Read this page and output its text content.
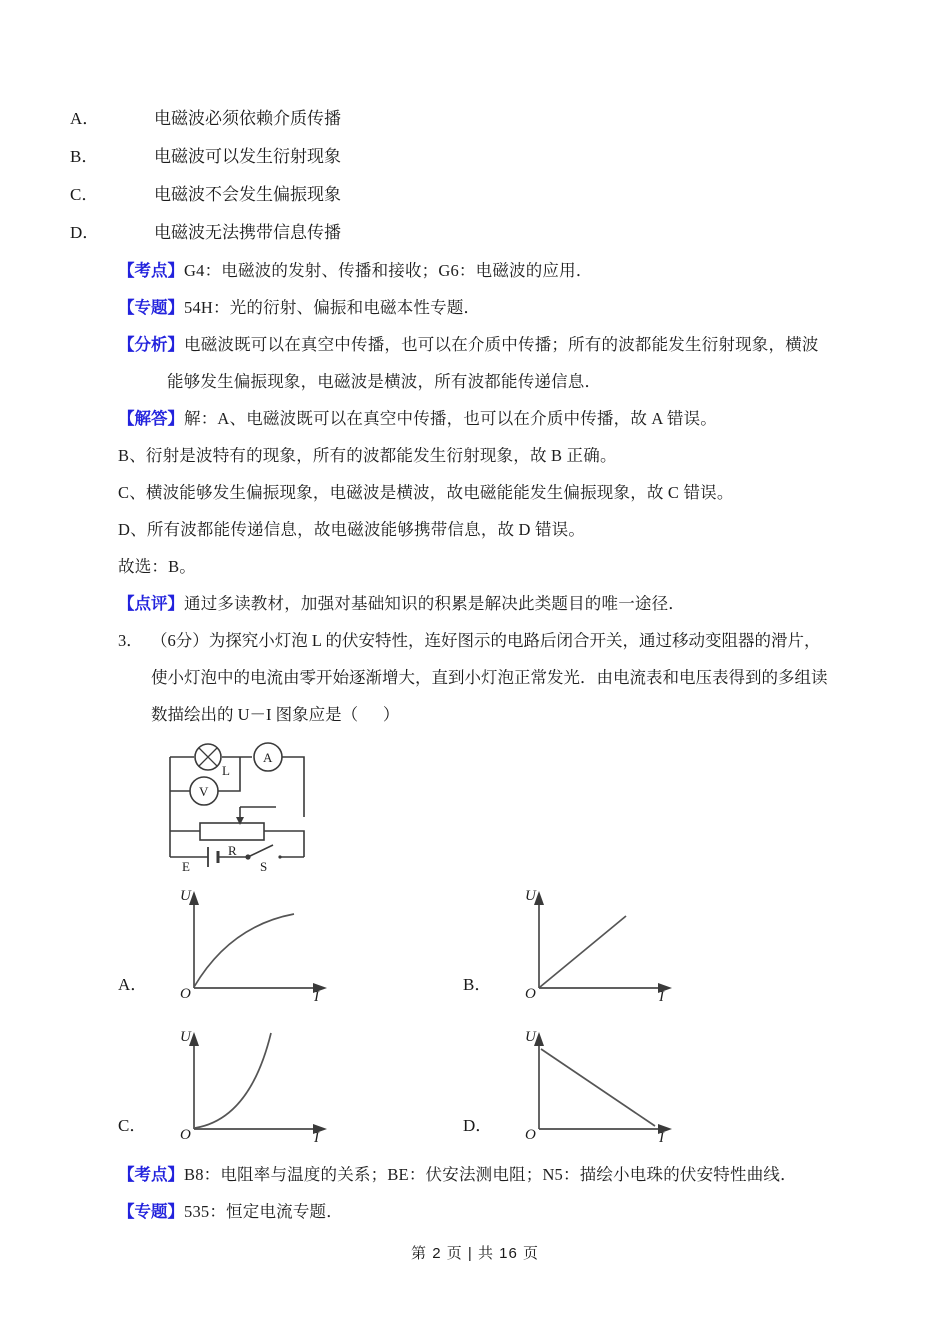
A．	电磁波必须依赖介质传播
B．	电磁波可以发生衍射现象
C．	电磁波不会发生偏振现象
D．	电磁波无法携带信息传播
【考点】G4：电磁波的发射、传播和接收；G6：电磁波的应用．
【专题】54H：光的衍射、偏振和电磁本性专题．
【分析】电磁波既可以在真空中传播，也可以在介质中传播；所有的波都能发生衍射现象，横波能够发生偏振现象，电磁波是横波，所有波都能传递信息．
【解答】解：A、电磁波既可以在真空中传播，也可以在介质中传播，故 A 错误。
B、衍射是波特有的现象，所有的波都能发生衍射现象，故 B 正确。
C、横波能够发生偏振现象，电磁波是横波，故电磁能能发生偏振现象，故 C 错误。
D、所有波都能传递信息，故电磁波能够携带信息，故 D 错误。
故选：B。
【点评】通过多读教材，加强对基础知识的积累是解决此类题目的唯一途径．
3． （6分）为探究小灯泡 L 的伏安特性，连好图示的电路后闭合开关，通过移动变阻器的滑片，使小灯泡中的电流由零开始逐渐增大，直到小灯泡正常发光．由电流表和电压表得到的多组读数描绘出的 U－I 图象应是（      ）
L
A
V
R
E	S
A．
U
I
O	B．
U
I
O
C．
U
I
O	D．
U
I
O
【考点】B8：电阻率与温度的关系；BE：伏安法测电阻；N5：描绘小电珠的伏安特性曲线．
【专题】535：恒定电流专题．
第 2 页 | 共 16 页
